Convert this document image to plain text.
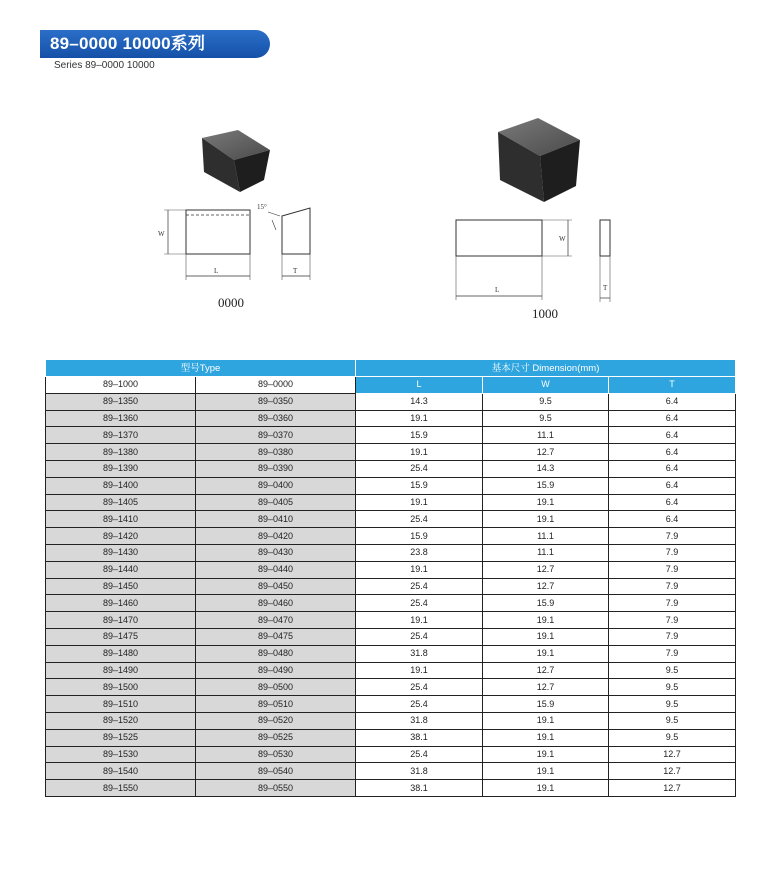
89–0000 10000系列
Series 89–0000 10000
W
L	T
15°
0000
W
L	T
1000
型号Type		基本尺寸 Dimension(mm)		
89–1000	89–0000	L	W	T
89–1350	89–0350	14.3	9.5	6.4
89–1360	89–0360	19.1	9.5	6.4
89–1370	89–0370	15.9	11.1	6.4
89–1380	89–0380	19.1	12.7	6.4
89–1390	89–0390	25.4	14.3	6.4
89–1400	89–0400	15.9	15.9	6.4
89–1405	89–0405	19.1	19.1	6.4
89–1410	89–0410	25.4	19.1	6.4
89–1420	89–0420	15.9	11.1	7.9
89–1430	89–0430	23.8	11.1	7.9
89–1440	89–0440	19.1	12.7	7.9
89–1450	89–0450	25.4	12.7	7.9
89–1460	89–0460	25.4	15.9	7.9
89–1470	89–0470	19.1	19.1	7.9
89–1475	89–0475	25.4	19.1	7.9
89–1480	89–0480	31.8	19.1	7.9
89–1490	89–0490	19.1	12.7	9.5
89–1500	89–0500	25.4	12.7	9.5
89–1510	89–0510	25.4	15.9	9.5
89–1520	89–0520	31.8	19.1	9.5
89–1525	89–0525	38.1	19.1	9.5
89–1530	89–0530	25.4	19.1	12.7
89–1540	89–0540	31.8	19.1	12.7
89–1550	89–0550	38.1	19.1	12.7
